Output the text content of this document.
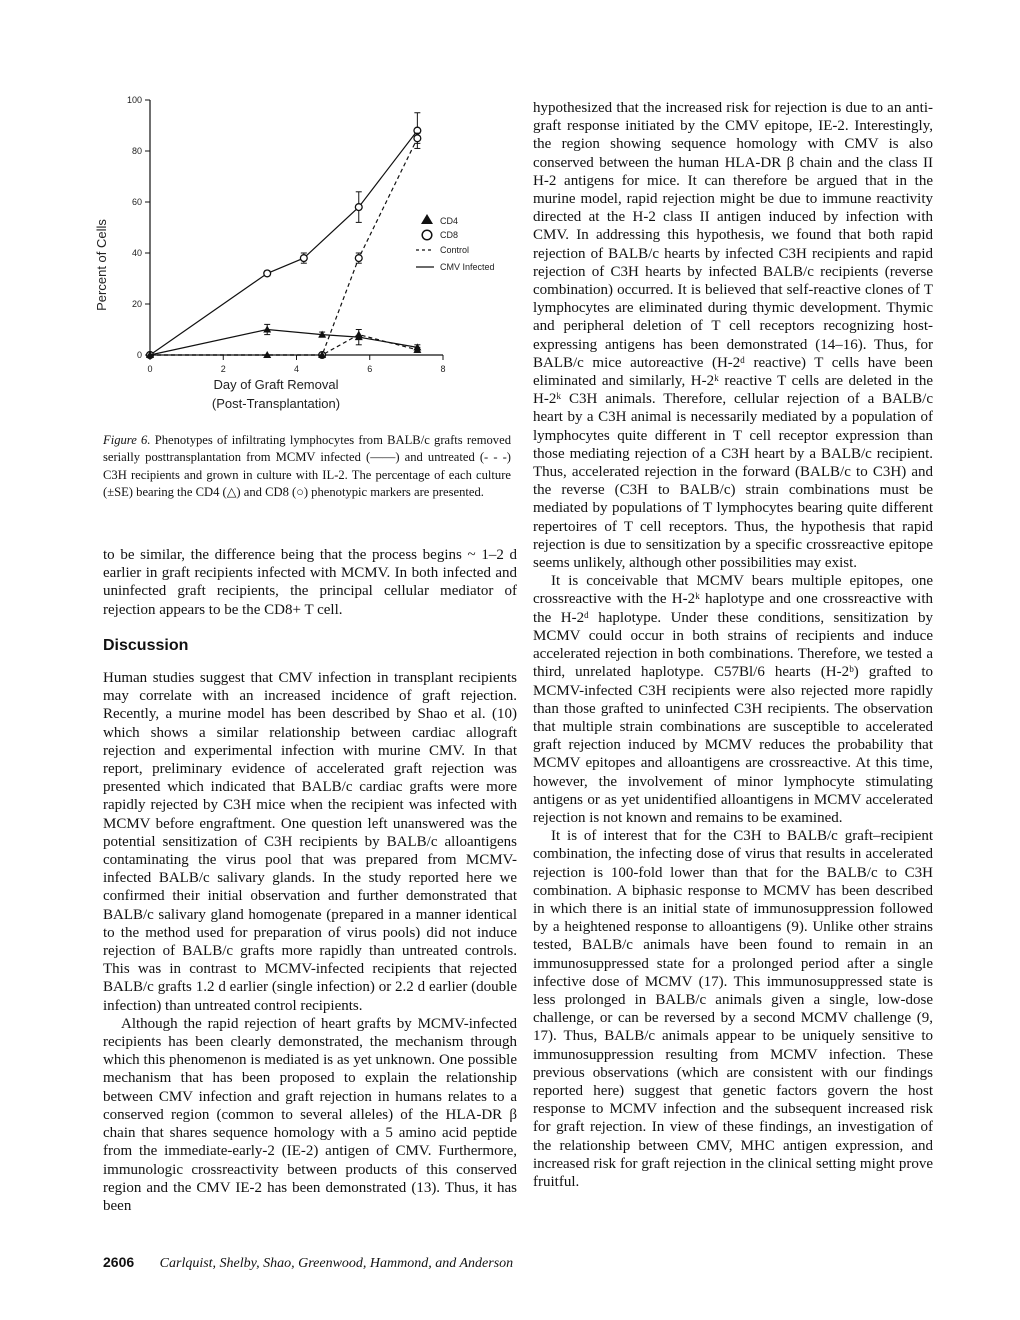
0
20
40
60
80
100
0	2	4	6	8
Percent of Cells
Day of Graft Removal
(Post-Transplantation)
CD4
CD8
Control
CMV Infected
Figure 6. Phenotypes of infiltrating lymphocytes from BALB/c grafts removed serially posttransplantation from MCMV infected (——) and untreated (- - -) C3H recipients and grown in culture with IL-2. The percentage of each culture (±SE) bearing the CD4 (△) and CD8 (○) phenotypic markers are presented.

to be similar, the difference being that the process begins ~ 1–2 d earlier in graft recipients infected with MCMV. In both infected and uninfected graft recipients, the principal cellular mediator of rejection appears to be the CD8+ T cell.

Discussion

Human studies suggest that CMV infection in transplant recipients may correlate with an increased incidence of graft rejection. Recently, a murine model has been described by Shao et al. (10) which shows a similar relationship between cardiac allograft rejection and experimental infection with murine CMV. In that report, preliminary evidence of accelerated graft rejection was presented which indicated that BALB/c cardiac grafts were more rapidly rejected by C3H mice when the recipient was infected with MCMV before engraftment. One question left unanswered was the potential sensitization of C3H recipients by BALB/c alloantigens contaminating the virus pool that was prepared from MCMV-infected BALB/c salivary glands. In the study reported here we confirmed their initial observation and further demonstrated that BALB/c salivary gland homogenate (prepared in a manner identical to the method used for preparation of virus pools) did not induce rejection of BALB/c grafts more rapidly than untreated controls. This was in contrast to MCMV-infected recipients that rejected BALB/c grafts 1.2 d earlier (single infection) or 2.2 d earlier (double infection) than untreated control recipients.

Although the rapid rejection of heart grafts by MCMV-infected recipients has been clearly demonstrated, the mechanism through which this phenomenon is mediated is as yet unknown. One possible mechanism that has been proposed to explain the relationship between CMV infection and graft rejection in humans relates to a conserved region (common to several alleles) of the HLA-DR β chain that shares sequence homology with a 5 amino acid peptide from the immediate-early-2 (IE-2) antigen of CMV. Furthermore, immunologic crossreactivity between products of this conserved region and the CMV IE-2 has been demonstrated (13). Thus, it has been

hypothesized that the increased risk for rejection is due to an anti-graft response initiated by the CMV epitope, IE-2. Interestingly, the region showing sequence homology with CMV is also conserved between the human HLA-DR β chain and the class II H-2 antigens for mice. It can therefore be argued that in the murine model, rapid rejection might be due to immune reactivity directed at the H-2 class II antigen induced by infection with CMV. In addressing this hypothesis, we found that both rapid rejection of BALB/c hearts by infected C3H recipients and rapid rejection of C3H hearts by infected BALB/c recipients (reverse combination) occurred. It is believed that self-reactive clones of T lymphocytes are eliminated during thymic development. Thymic and peripheral deletion of T cell receptors recognizing host-expressing antigens has been demonstrated (14–16). Thus, for BALB/c mice autoreactive (H-2ᵈ reactive) T cells have been eliminated and similarly, H-2ᵏ reactive T cells are deleted in the H-2ᵏ C3H animals. Therefore, cellular rejection of a BALB/c heart by a C3H animal is necessarily mediated by a population of lymphocytes quite different in T cell receptor expression than those mediating rejection of a C3H heart by a BALB/c recipient. Thus, accelerated rejection in the forward (BALB/c to C3H) and the reverse (C3H to BALB/c) strain combinations must be mediated by populations of T lymphocytes bearing quite different repertoires of T cell receptors. Thus, the hypothesis that rapid rejection is due to sensitization by a specific crossreactive epitope seems unlikely, although other possibilities may exist.

It is conceivable that MCMV bears multiple epitopes, one crossreactive with the H-2ᵏ haplotype and one crossreactive with the H-2ᵈ haplotype. Under these conditions, sensitization by MCMV could occur in both strains of recipients and induce accelerated rejection in both combinations. Therefore, we tested a third, unrelated haplotype. C57Bl/6 hearts (H-2ᵇ) grafted to MCMV-infected C3H recipients were also rejected more rapidly than those grafted to uninfected C3H recipients. The observation that multiple strain combinations are susceptible to accelerated graft rejection induced by MCMV reduces the probability that MCMV epitopes and alloantigens are crossreactive. At this time, however, the involvement of minor lymphocyte stimulating antigens or as yet unidentified alloantigens in MCMV accelerated rejection is not known and remains to be examined.

It is of interest that for the C3H to BALB/c graft–recipient combination, the infecting dose of virus that results in accelerated rejection is 100-fold lower than that for the BALB/c to C3H combination. A biphasic response to MCMV has been described in which there is an initial state of immunosuppression followed by a heightened response to alloantigens (9). Unlike other strains tested, BALB/c animals have been found to remain in an immunosuppressed state for a prolonged period after a single infective dose of MCMV (17). This immunosuppressed state is less prolonged in BALB/c animals given a single, low-dose challenge, or can be reversed by a second MCMV challenge (9, 17). Thus, BALB/c animals appear to be uniquely sensitive to immunosuppression resulting from MCMV infection. These previous observations (which are consistent with our findings reported here) suggest that genetic factors govern the host response to MCMV infection and the subsequent increased risk for graft rejection. In view of these findings, an investigation of the relationship between CMV, MHC antigen expression, and increased risk for graft rejection in the clinical setting might prove fruitful.

2606 Carlquist, Shelby, Shao, Greenwood, Hammond, and Anderson
